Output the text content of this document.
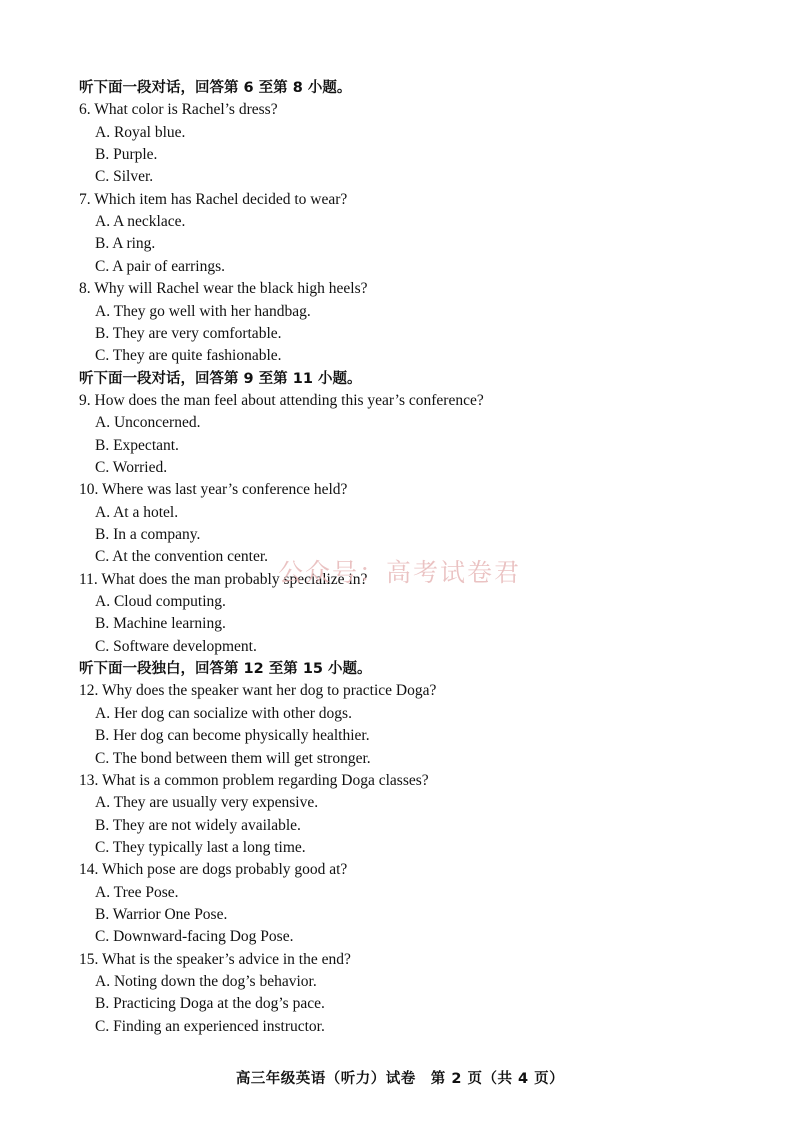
听下面一段对话，回答第 6 至第 8 小题。
6. What color is Rachel’s dress?
A. Royal blue.
B. Purple.
C. Silver.
7. Which item has Rachel decided to wear?
A. A necklace.
B. A ring.
C. A pair of earrings.
8. Why will Rachel wear the black high heels?
A. They go well with her handbag.
B. They are very comfortable.
C. They are quite fashionable.
听下面一段对话，回答第 9 至第 11 小题。
9. How does the man feel about attending this year’s conference?
A. Unconcerned.
B. Expectant.
C. Worried.
10. Where was last year’s conference held?
A. At a hotel.
B. In a company.
C. At the convention center.
11. What does the man probably specialize in?
A. Cloud computing.
B. Machine learning.
C. Software development.
听下面一段独白，回答第 12 至第 15 小题。
12. Why does the speaker want her dog to practice Doga?
A. Her dog can socialize with other dogs.
B. Her dog can become physically healthier.
C. The bond between them will get stronger.
13. What is a common problem regarding Doga classes?
A. They are usually very expensive.
B. They are not widely available.
C. They typically last a long time.
14. Which pose are dogs probably good at?
A. Tree Pose.
B. Warrior One Pose.
C. Downward-facing Dog Pose.
15. What is the speaker’s advice in the end?
A. Noting down the dog’s behavior.
B. Practicing Doga at the dog’s pace.
C. Finding an experienced instructor.
公众号：高考试卷君
高三年级英语（听力）试卷　第 2 页（共 4 页）
